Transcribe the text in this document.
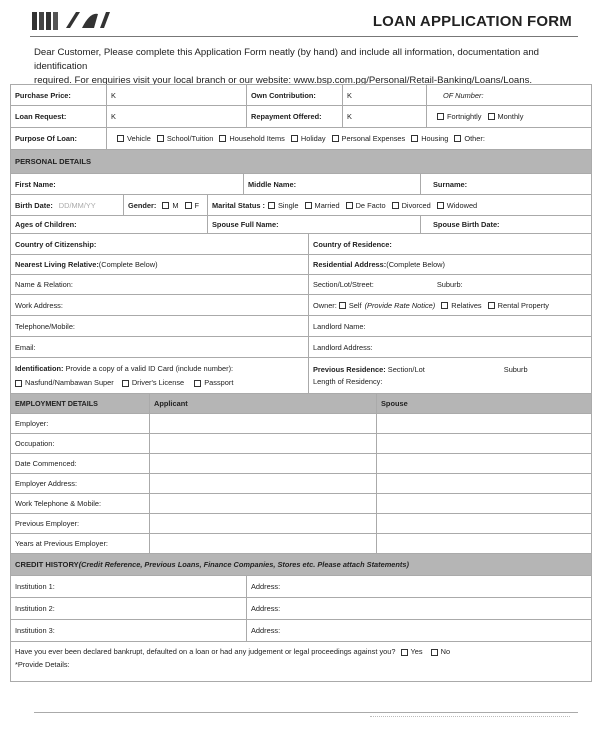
LOAN APPLICATION FORM
Dear Customer, Please complete this Application Form neatly (by hand) and include all information, documentation and identification
required. For enquiries visit your local branch or our website: www.bsp.com.pg/Personal/Retail-Banking/Loans/Loans.
Purchase Price:	K	Own Contribution:	K	OF Number:
Loan Request:	K	Repayment Offered:	K	Fortnightly Monthly
Purpose Of Loan:	Vehicle School/Tuition Household Items Holiday Personal Expenses Housing Other:
PERSONAL DETAILS
First Name:	Middle Name:	Surname:
Birth Date: DD/MM/YY	Gender: M F Marital Status : Single Married De Facto Divorced Widowed
Ages of Children:	Spouse Full Name:	Spouse Birth Date:
Country of Citizenship:	Country of Residence:
Nearest Living Relative: (Complete Below)	Residential Address: (Complete Below)
Name & Relation:	Section/Lot/Street:	Suburb:
Work Address:	Owner: Self (Provide Rate Notice) Relatives Rental Property
Telephone/Mobile:	Landlord Name:
Email:	Landlord Address:
Identification: Provide a copy of a valid ID Card (include number):
Nasfund/Nambawan Super Driver's License	Passport
Previous Residence: Section/Lot	Suburb
Length of Residency:
EMPLOYMENT DETAILS	Applicant	Spouse
Employer:
Occupation:
Date Commenced:
Employer Address:
Work Telephone & Mobile:
Previous Employer:
Years at Previous Employer:
CREDIT HISTORY (Credit Reference, Previous Loans, Finance Companies, Stores etc. Please attach Statements)
Institution 1:	Address:
Institution 2:	Address:
Institution 3:	Address:
Have you ever been declared bankrupt, defaulted on a loan or had any judgement or legal proceedings against you? Yes No
*Provide Details:
